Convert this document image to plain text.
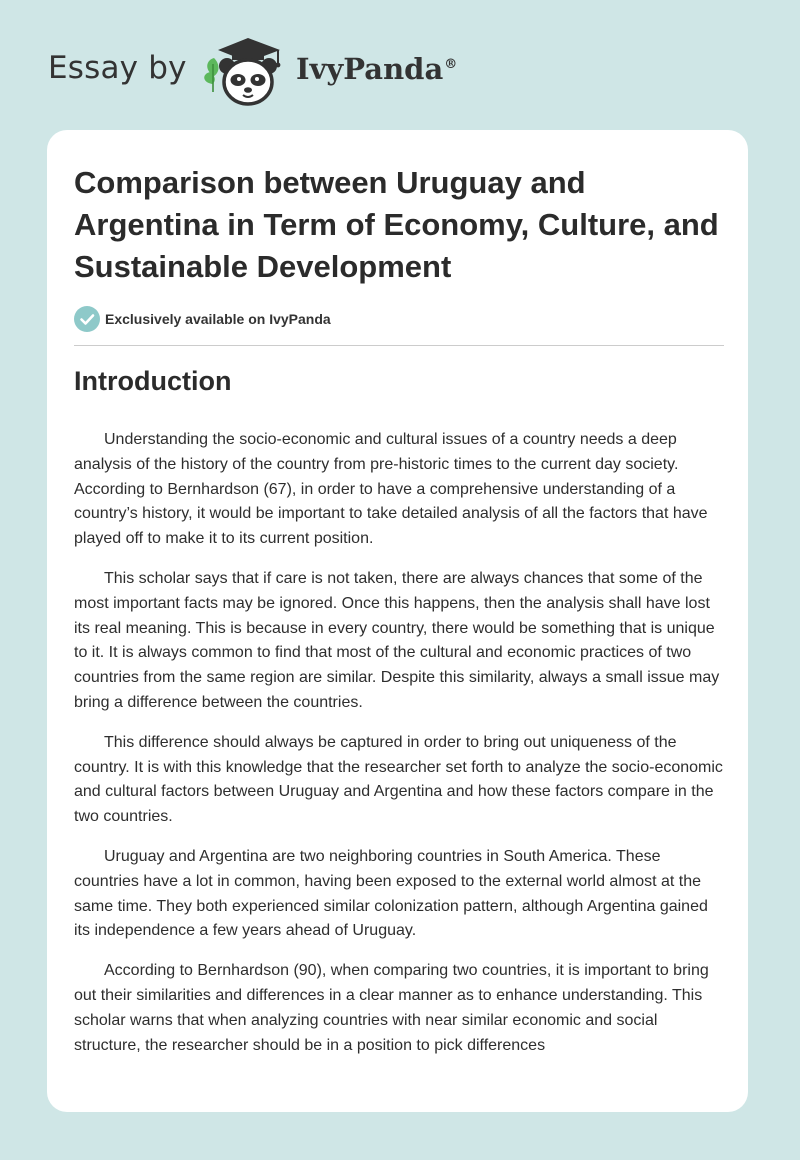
Essay by	IvyPanda®
Comparison between Uruguay and Argentina in Term of Economy, Culture, and Sustainable Development
Exclusively available on IvyPanda
Introduction

Understanding the socio-economic and cultural issues of a country needs a deep analysis of the history of the country from pre-historic times to the current day society. According to Bernhardson (67), in order to have a comprehensive understanding of a country’s history, it would be important to take detailed analysis of all the factors that have played off to make it to its current position.

This scholar says that if care is not taken, there are always chances that some of the most important facts may be ignored. Once this happens, then the analysis shall have lost its real meaning. This is because in every country, there would be something that is unique to it. It is always common to find that most of the cultural and economic practices of two countries from the same region are similar. Despite this similarity, always a small issue may bring a difference between the countries.

This difference should always be captured in order to bring out uniqueness of the country. It is with this knowledge that the researcher set forth to analyze the socio-economic and cultural factors between Uruguay and Argentina and how these factors compare in the two countries.

Uruguay and Argentina are two neighboring countries in South America. These countries have a lot in common, having been exposed to the external world almost at the same time. They both experienced similar colonization pattern, although Argentina gained its independence a few years ahead of Uruguay.

According to Bernhardson (90), when comparing two countries, it is important to bring out their similarities and differences in a clear manner as to enhance understanding. This scholar warns that when analyzing countries with near similar economic and social structure, the researcher should be in a position to pick differences
